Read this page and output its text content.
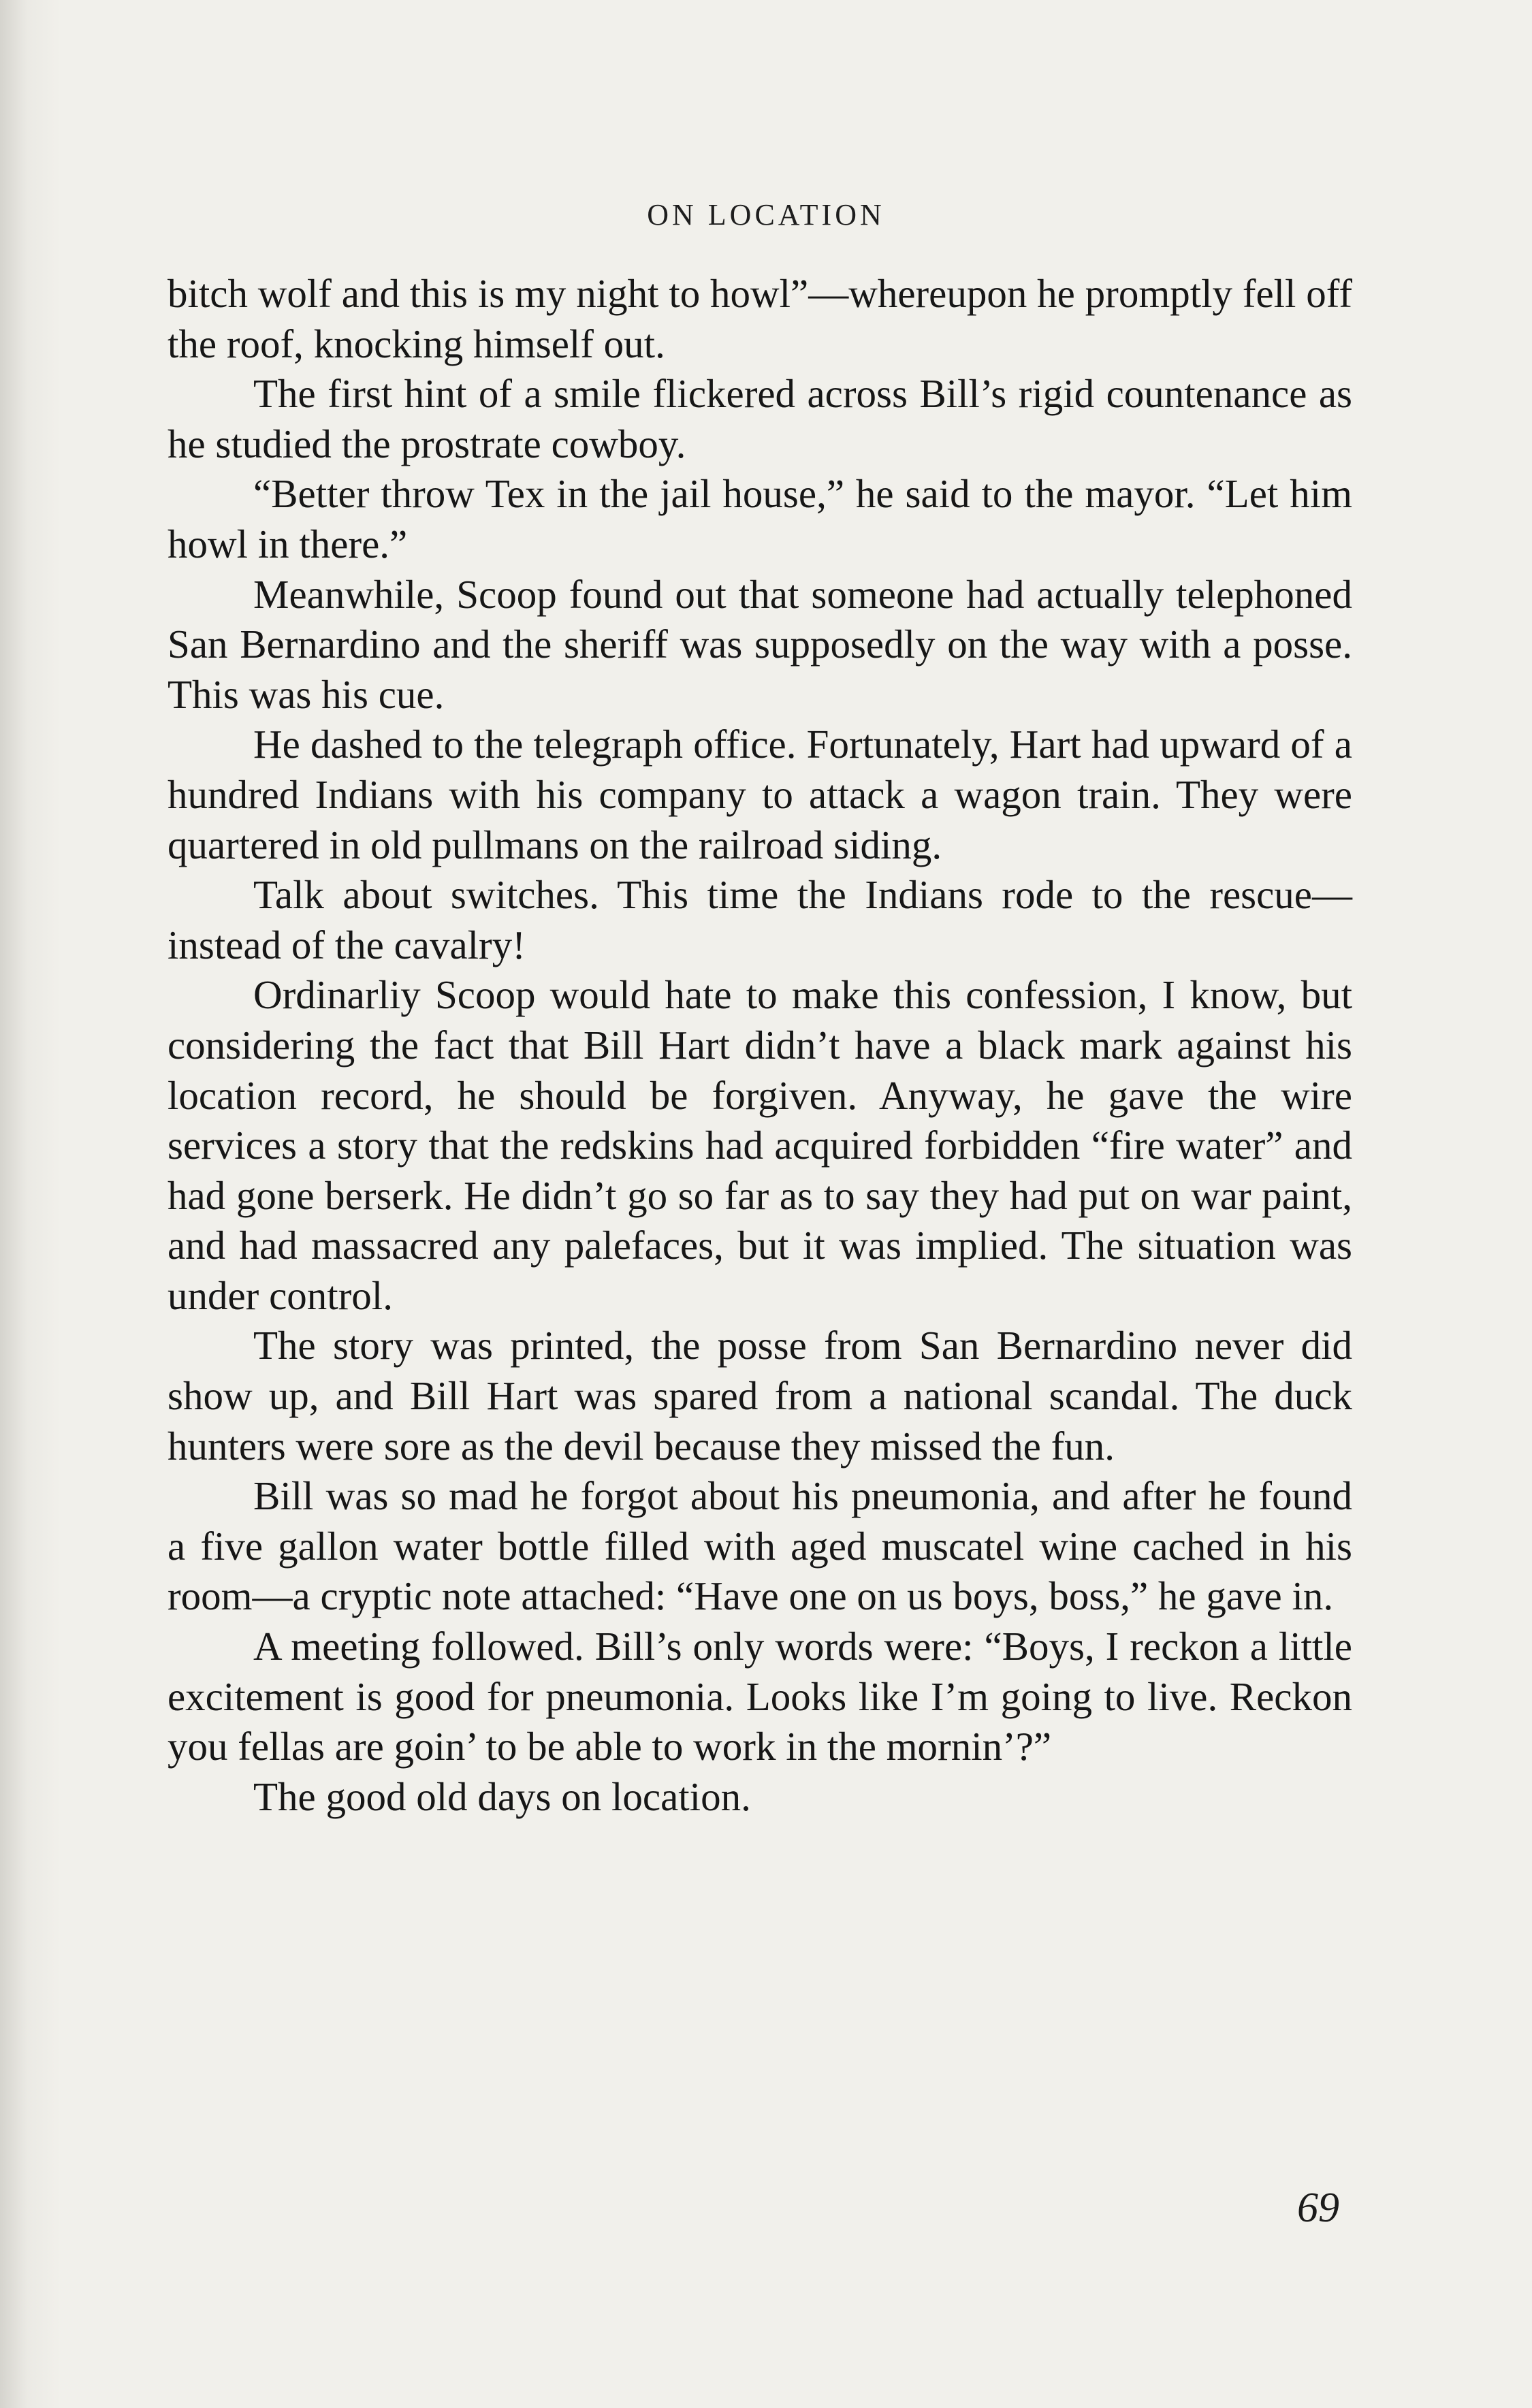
ON LOCATION

bitch wolf and this is my night to howl”—whereupon he promptly fell off the roof, knocking himself out.

The first hint of a smile flickered across Bill’s rigid countenance as he studied the prostrate cowboy.

“Better throw Tex in the jail house,” he said to the mayor. “Let him howl in there.”

Meanwhile, Scoop found out that someone had actually telephoned San Bernardino and the sheriff was supposedly on the way with a posse. This was his cue.

He dashed to the telegraph office. Fortunately, Hart had upward of a hundred Indians with his company to attack a wagon train. They were quartered in old pullmans on the railroad siding.

Talk about switches. This time the Indians rode to the rescue—instead of the cavalry!

Ordinarliy Scoop would hate to make this confession, I know, but considering the fact that Bill Hart didn’t have a black mark against his location record, he should be forgiven. Anyway, he gave the wire services a story that the redskins had acquired forbidden “fire water” and had gone berserk. He didn’t go so far as to say they had put on war paint, and had massacred any palefaces, but it was implied. The situation was under control.

The story was printed, the posse from San Bernardino never did show up, and Bill Hart was spared from a national scandal. The duck hunters were sore as the devil because they missed the fun.

Bill was so mad he forgot about his pneumonia, and after he found a five gallon water bottle filled with aged muscatel wine cached in his room—a cryptic note attached: “Have one on us boys, boss,” he gave in.

A meeting followed. Bill’s only words were: “Boys, I reckon a little excitement is good for pneumonia. Looks like I’m going to live. Reckon you fellas are goin’ to be able to work in the mornin’?”

The good old days on location.

69
